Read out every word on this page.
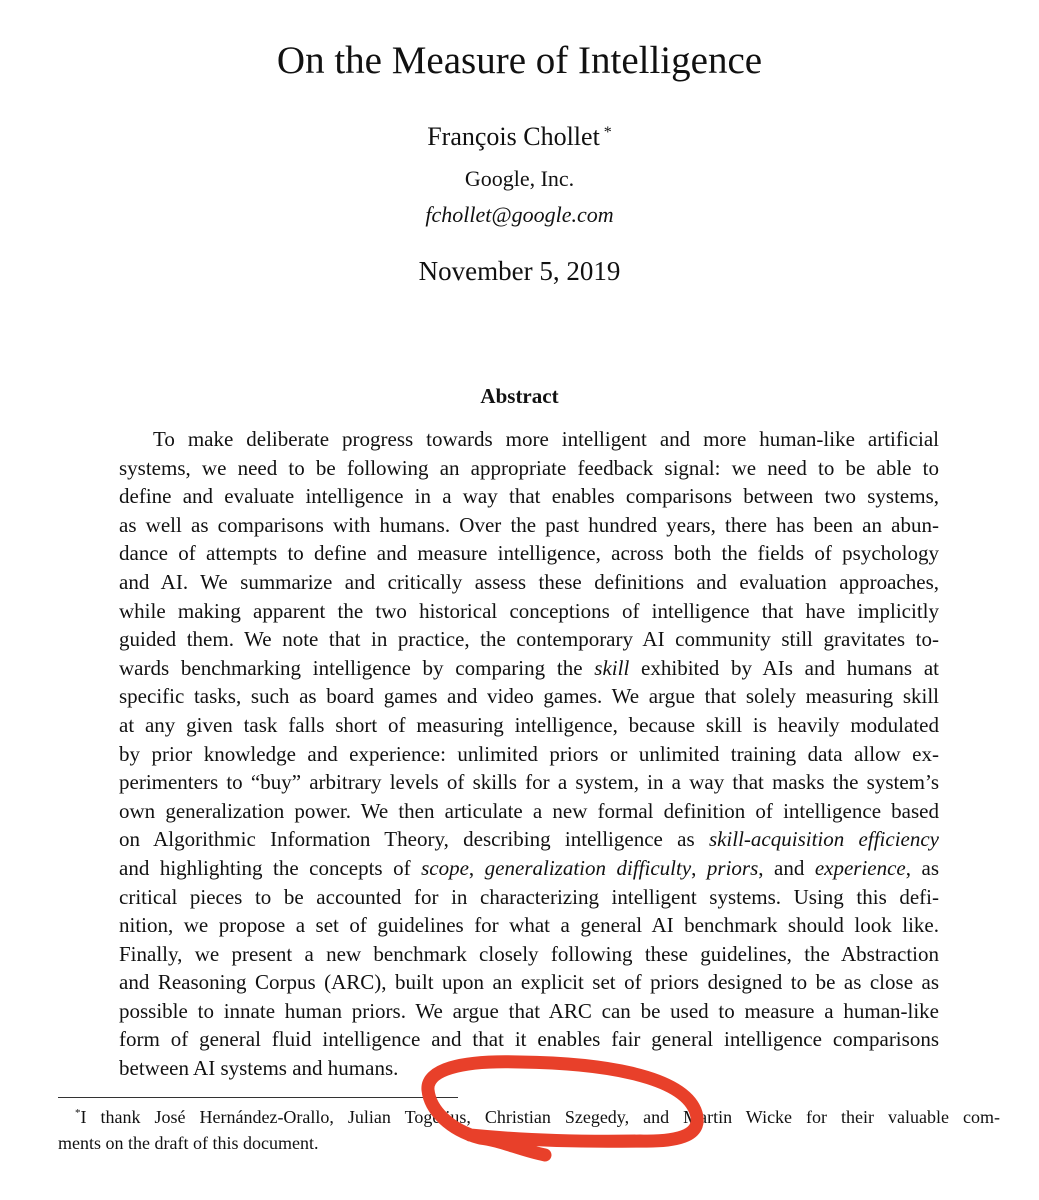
On the Measure of Intelligence
François Chollet *
Google, Inc.
fchollet@google.com
November 5, 2019
Abstract
To make deliberate progress towards more intelligent and more human-like artificial
systems, we need to be following an appropriate feedback signal: we need to be able to
define and evaluate intelligence in a way that enables comparisons between two systems,
as well as comparisons with humans. Over the past hundred years, there has been an abun-
dance of attempts to define and measure intelligence, across both the fields of psychology
and AI. We summarize and critically assess these definitions and evaluation approaches,
while making apparent the two historical conceptions of intelligence that have implicitly
guided them. We note that in practice, the contemporary AI community still gravitates to-
wards benchmarking intelligence by comparing the skill exhibited by AIs and humans at
specific tasks, such as board games and video games. We argue that solely measuring skill
at any given task falls short of measuring intelligence, because skill is heavily modulated
by prior knowledge and experience: unlimited priors or unlimited training data allow ex-
perimenters to “buy” arbitrary levels of skills for a system, in a way that masks the system’s
own generalization power. We then articulate a new formal definition of intelligence based
on Algorithmic Information Theory, describing intelligence as skill-acquisition efficiency
and highlighting the concepts of scope, generalization difficulty, priors, and experience, as
critical pieces to be accounted for in characterizing intelligent systems. Using this defi-
nition, we propose a set of guidelines for what a general AI benchmark should look like.
Finally, we present a new benchmark closely following these guidelines, the Abstraction
and Reasoning Corpus (ARC), built upon an explicit set of priors designed to be as close as
possible to innate human priors. We argue that ARC can be used to measure a human-like
form of general fluid intelligence and that it enables fair general intelligence comparisons
between AI systems and humans.
*I thank José Hernández-Orallo, Julian Togelius, Christian Szegedy, and Martin Wicke for their valuable com-
ments on the draft of this document.
